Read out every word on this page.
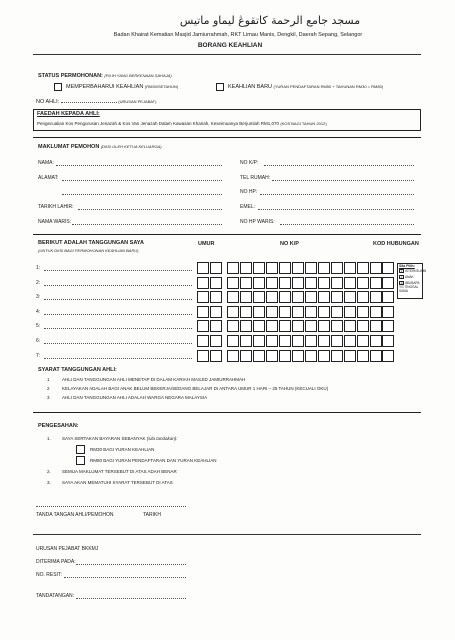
مسجد جامع الرحمة كاتقوڠ ليماو ماتيس
Badan Khairat Kematian Masjid Jamiurrahmah, RKT Limau Manis, Dengkil, Daerah Sepang, Selangor
BORANG KEAHLIAN
STATUS PERMOHONAN: (PILIH YANG BERKENAAN SAHAJA)
MEMPERBAHARUI KEAHLIAN (RM30/SETAHUN)	KEAHLIAN BARU (YURAN PENDAFTARAN RM50 + TAHUNAN RM30 = RM80)
NO AHLI:	(URUSAN PEJABAT)
FAEDAH KEPADA AHLI:
Pengecualian Kos Pengurusan Jenazah & Kos Van Jenazah Dalam Kawasan Khariah, Keseimuanya Berjumlah RM1,070 (KOS BAGI TAHUN 2012)
MAKLUMAT PEMOHON (DIISI OLEH KETUA KELUARGA)
NAMA:	NO K/P:
ALAMAT:	TEL RUMAH:
NO HP:
TARIKH LAHIR:	EMEL:
NAMA WARIS:	NO HP WARIS:
BERIKUT ADALAH TANGGUNGAN SAYA
(UNTUK DIISI BAGI PERMOHONAN KEAHLIAN BARU)
UMUR	NO K/P	KOD HUBUNGAN
1:
2:
3:
4:
5:
6:
7:
Sila Pilih:
1 ISTERI/SUAMI
2 ANAK
3 IBU/BAPA YG TINGGAL SAMA
SYARAT TANGGUNGAN AHLI:
1	AHLI DAN TANGGUNGAN AHLI MENETAP DI DALAM KARIAH MASJID JAMIURRAHMAH
2	KELAYAKAN ADALAH BAGI ANAK BELUM BEKERJA/SEDANG BELAJAR DI ANTARA UMUR 1 HARI – 25 TAHUN (KECUALI OKU)
3	AHLI DAN TANGGUNGAN AHLI ADALAH WARGA NEGARA MALAYSIA
PENGESAHAN:
1. SAYA SERTAKAN BAYARAN SEBANYAK (sila tandakan):
RM30 BAGI YURAN KEAHLIAN
RM80 BAGI YURAN PENDAFTARAN DAN YURAN KEAHLIAN
2. SEMUA MAKLUMAT TERSEBUT DI ATAS ADAH BENAR
3. SAYA AKAN MEMATUHI SYARAT TERSEBUT DI ATAS
TANDA TANGAN AHLI/PEMOHON	TARIKH
URUSAN PEJABAT BKKMJ
DITERIMA PADA:
NO. RESIT:
TANDATANGAN:
